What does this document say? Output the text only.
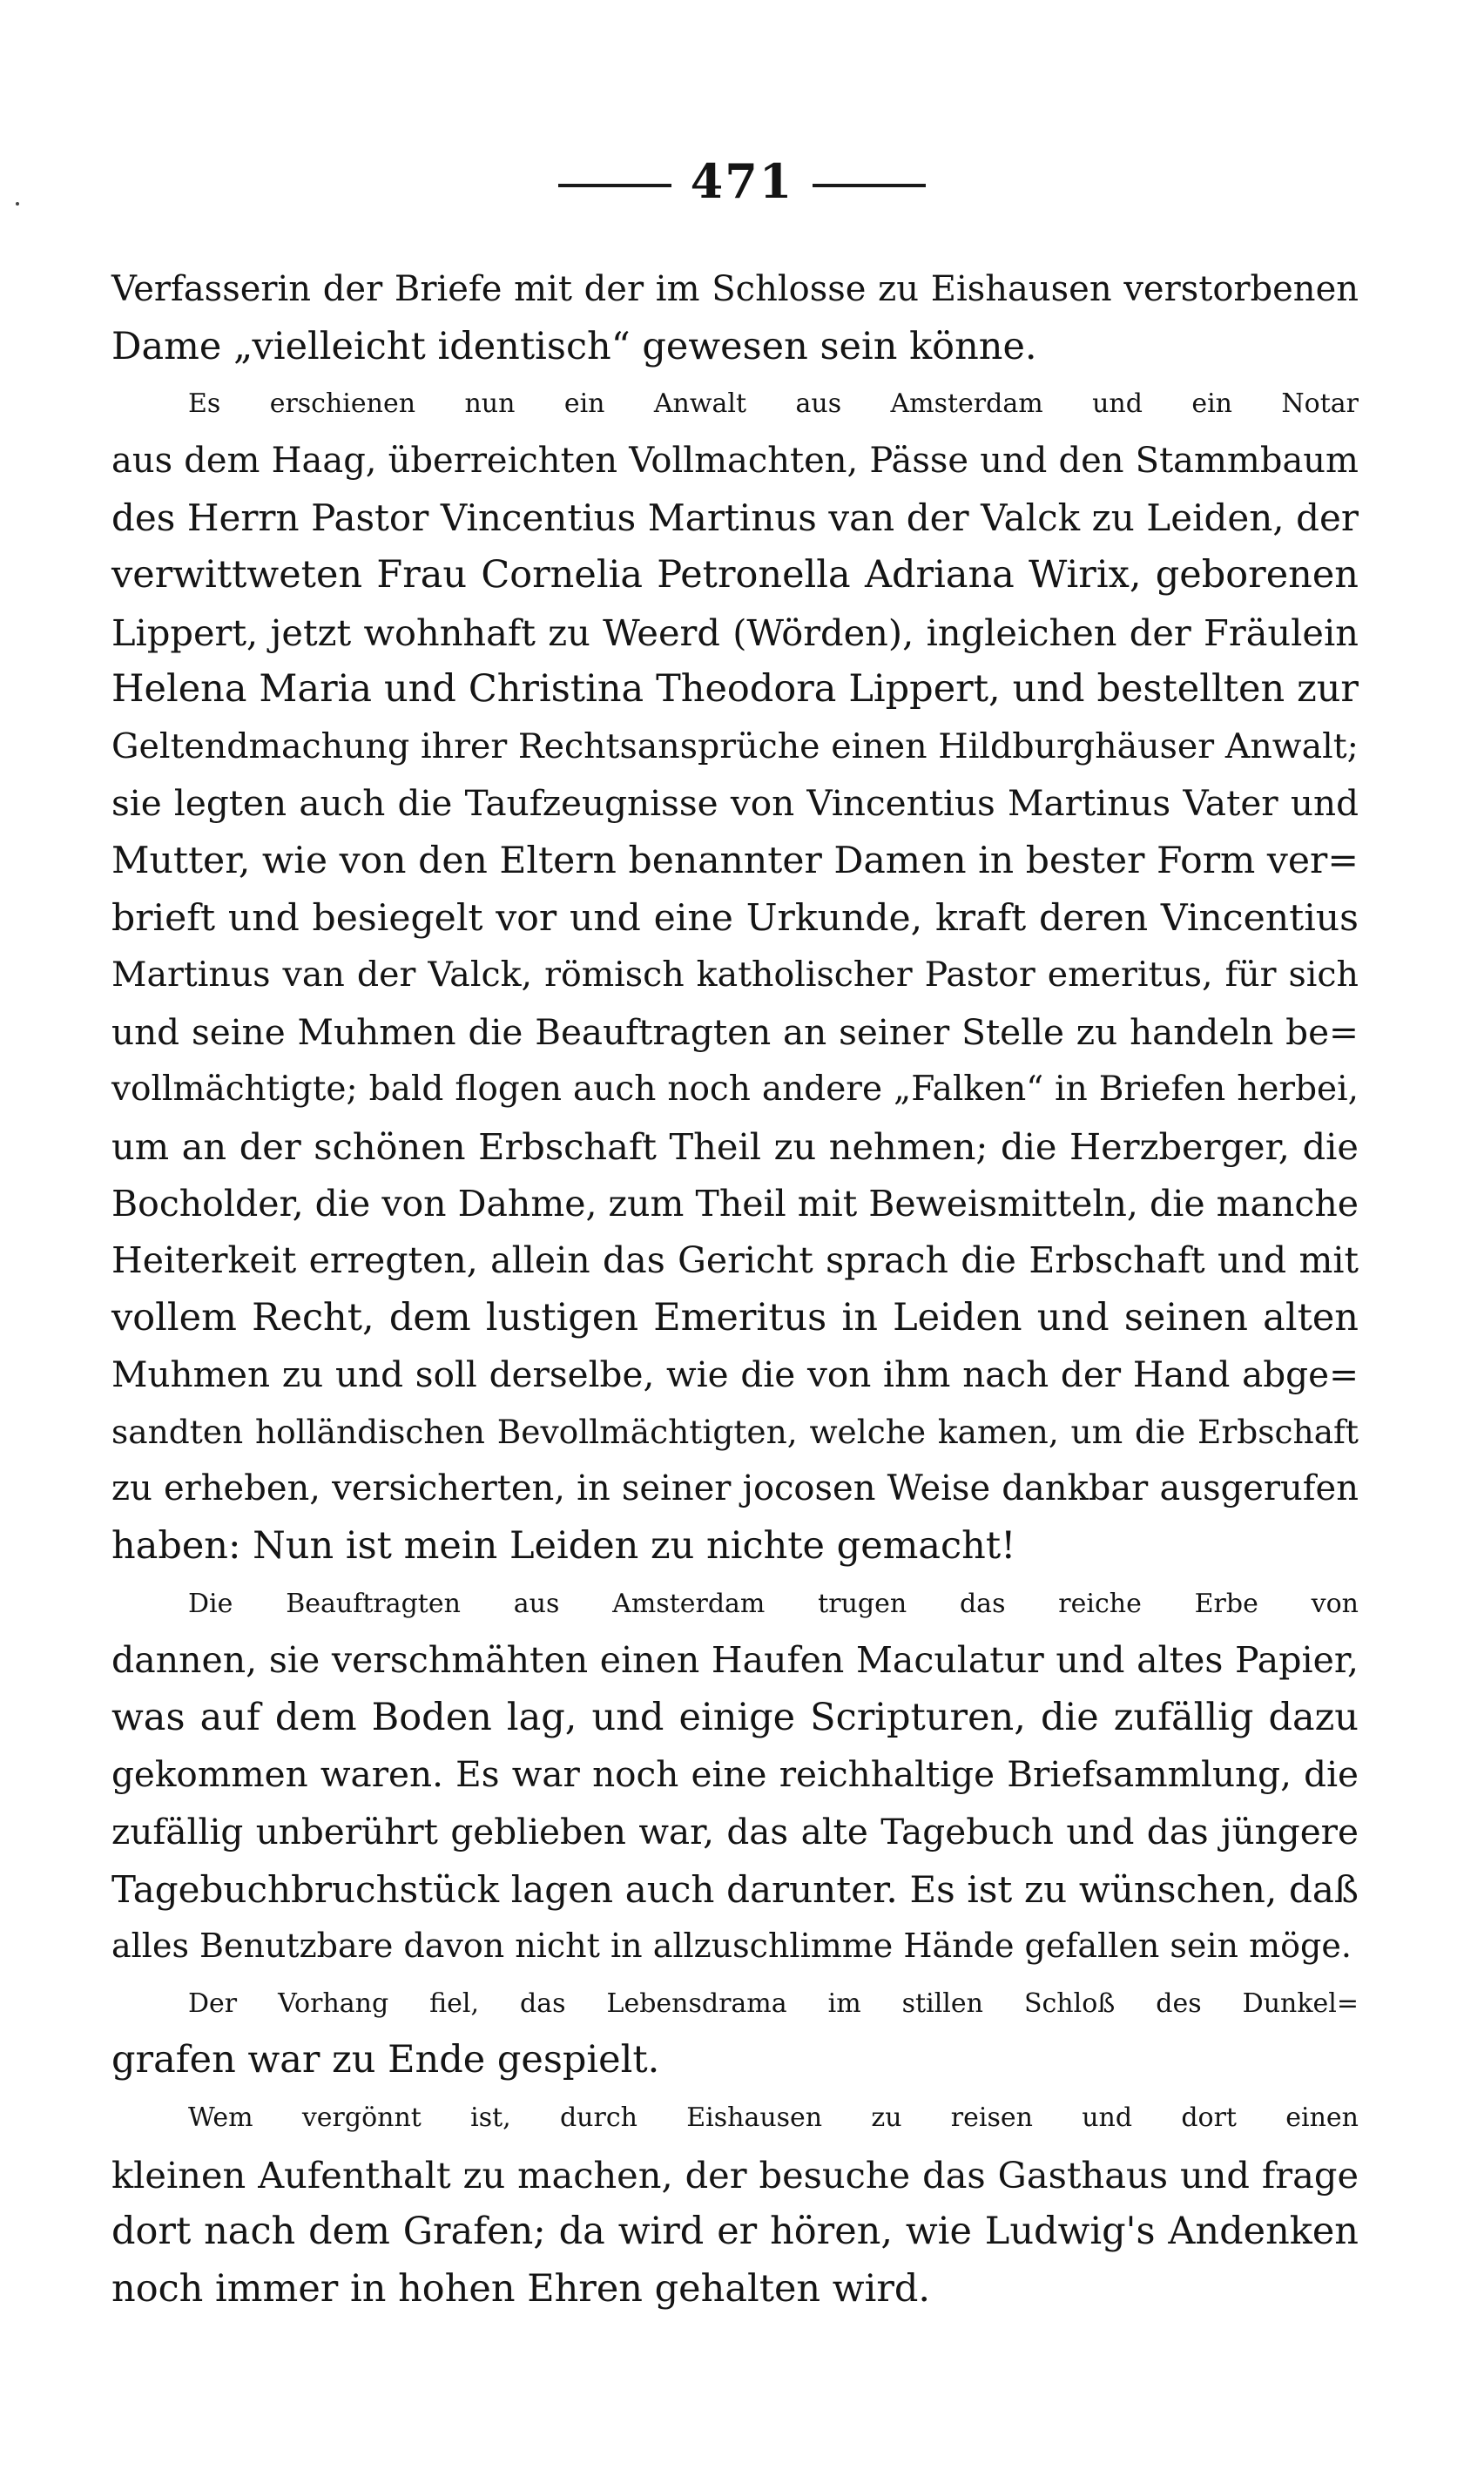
471

Verfasserin der Briefe mit der im Schlosse zu Eishausen verstorbenen
Dame „vielleicht identisch“ gewesen sein könne.

Es erschienen nun ein Anwalt aus Amsterdam und ein Notar
aus dem Haag, überreichten Vollmachten, Pässe und den Stammbaum
des Herrn Pastor Vincentius Martinus van der Valck zu Leiden, der
verwittweten Frau Cornelia Petronella Adriana Wirix, geborenen
Lippert, jetzt wohnhaft zu Weerd (Wörden), ingleichen der Fräulein
Helena Maria und Christina Theodora Lippert, und bestellten zur
Geltendmachung ihrer Rechtsansprüche einen Hildburghäuser Anwalt;
sie legten auch die Taufzeugnisse von Vincentius Martinus Vater und
Mutter, wie von den Eltern benannter Damen in bester Form ver=
brieft und besiegelt vor und eine Urkunde, kraft deren Vincentius
Martinus van der Valck, römisch katholischer Pastor emeritus, für sich
und seine Muhmen die Beauftragten an seiner Stelle zu handeln be=
vollmächtigte; bald flogen auch noch andere „Falken“ in Briefen herbei,
um an der schönen Erbschaft Theil zu nehmen; die Herzberger, die
Bocholder, die von Dahme, zum Theil mit Beweismitteln, die manche
Heiterkeit erregten, allein das Gericht sprach die Erbschaft und mit
vollem Recht, dem lustigen Emeritus in Leiden und seinen alten
Muhmen zu und soll derselbe, wie die von ihm nach der Hand abge=
sandten holländischen Bevollmächtigten, welche kamen, um die Erbschaft
zu erheben, versicherten, in seiner jocosen Weise dankbar ausgerufen
haben: Nun ist mein Leiden zu nichte gemacht!

Die Beauftragten aus Amsterdam trugen das reiche Erbe von
dannen, sie verschmähten einen Haufen Maculatur und altes Papier,
was auf dem Boden lag, und einige Scripturen, die zufällig dazu
gekommen waren. Es war noch eine reichhaltige Briefsammlung, die
zufällig unberührt geblieben war, das alte Tagebuch und das jüngere
Tagebuchbruchstück lagen auch darunter. Es ist zu wünschen, daß
alles Benutzbare davon nicht in allzuschlimme Hände gefallen sein möge.

Der Vorhang fiel, das Lebensdrama im stillen Schloß des Dunkel=
grafen war zu Ende gespielt.

Wem vergönnt ist, durch Eishausen zu reisen und dort einen
kleinen Aufenthalt zu machen, der besuche das Gasthaus und frage
dort nach dem Grafen; da wird er hören, wie Ludwig's Andenken
noch immer in hohen Ehren gehalten wird.
